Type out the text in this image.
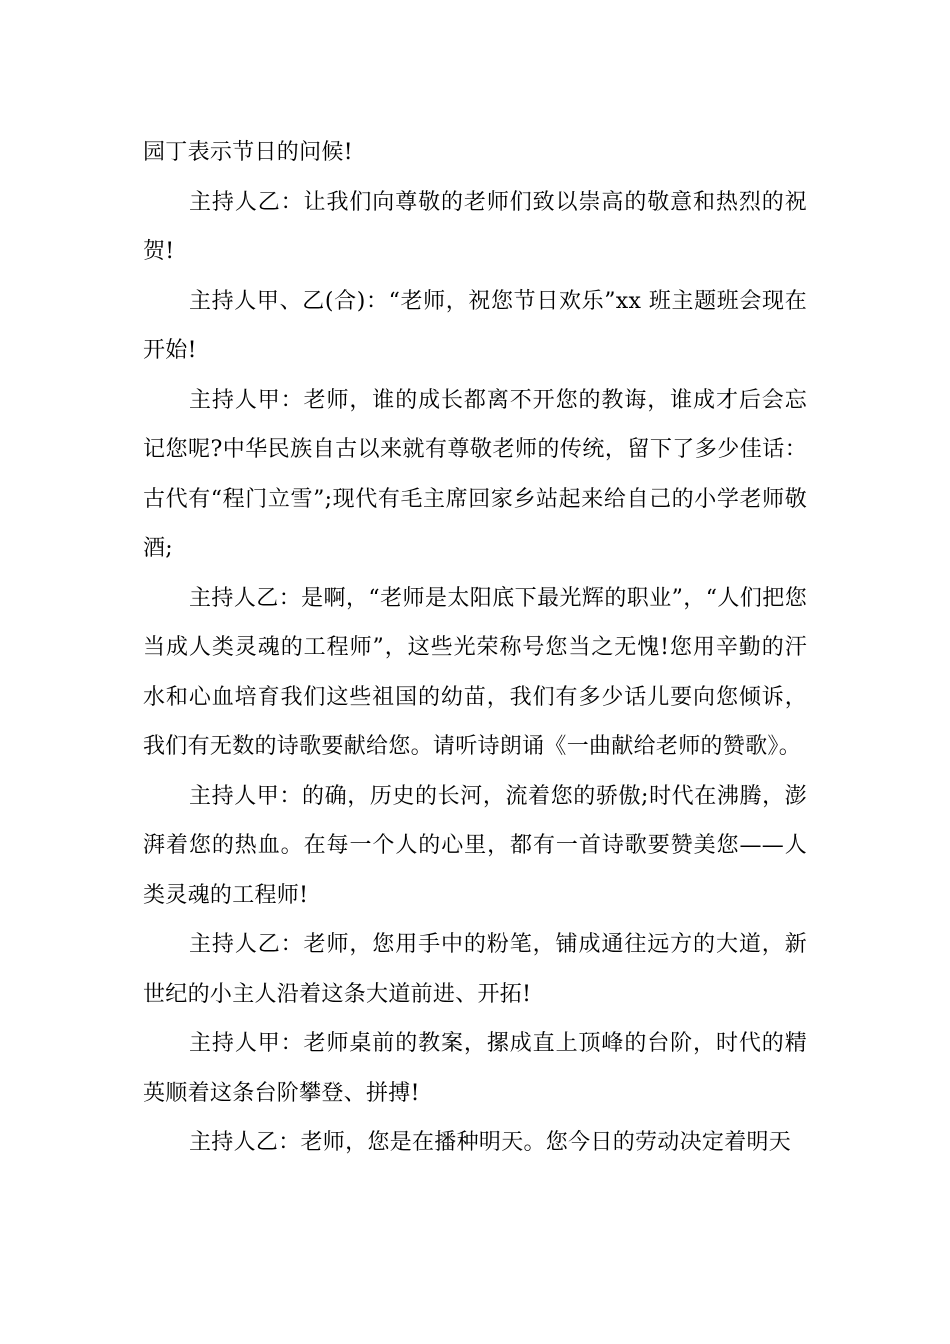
园丁表示节日的问候!

主持人乙：让我们向尊敬的老师们致以崇高的敬意和热烈的祝贺!

主持人甲、乙(合)：“老师，祝您节日欢乐”xx 班主题班会现在开始!

主持人甲：老师，谁的成长都离不开您的教诲，谁成才后会忘记您呢?中华民族自古以来就有尊敬老师的传统，留下了多少佳话：古代有“程门立雪”;现代有毛主席回家乡站起来给自己的小学老师敬酒;

主持人乙：是啊，“老师是太阳底下最光辉的职业”，“人们把您当成人类灵魂的工程师”，这些光荣称号您当之无愧!您用辛勤的汗水和心血培育我们这些祖国的幼苗，我们有多少话儿要向您倾诉，我们有无数的诗歌要献给您。请听诗朗诵《一曲献给老师的赞歌》。

主持人甲：的确，历史的长河，流着您的骄傲;时代在沸腾，澎湃着您的热血。在每一个人的心里，都有一首诗歌要赞美您——人类灵魂的工程师!

主持人乙：老师，您用手中的粉笔，铺成通往远方的大道，新世纪的小主人沿着这条大道前进、开拓!

主持人甲：老师桌前的教案，摞成直上顶峰的台阶，时代的精英顺着这条台阶攀登、拼搏!

主持人乙：老师，您是在播种明天。您今日的劳动决定着明天
